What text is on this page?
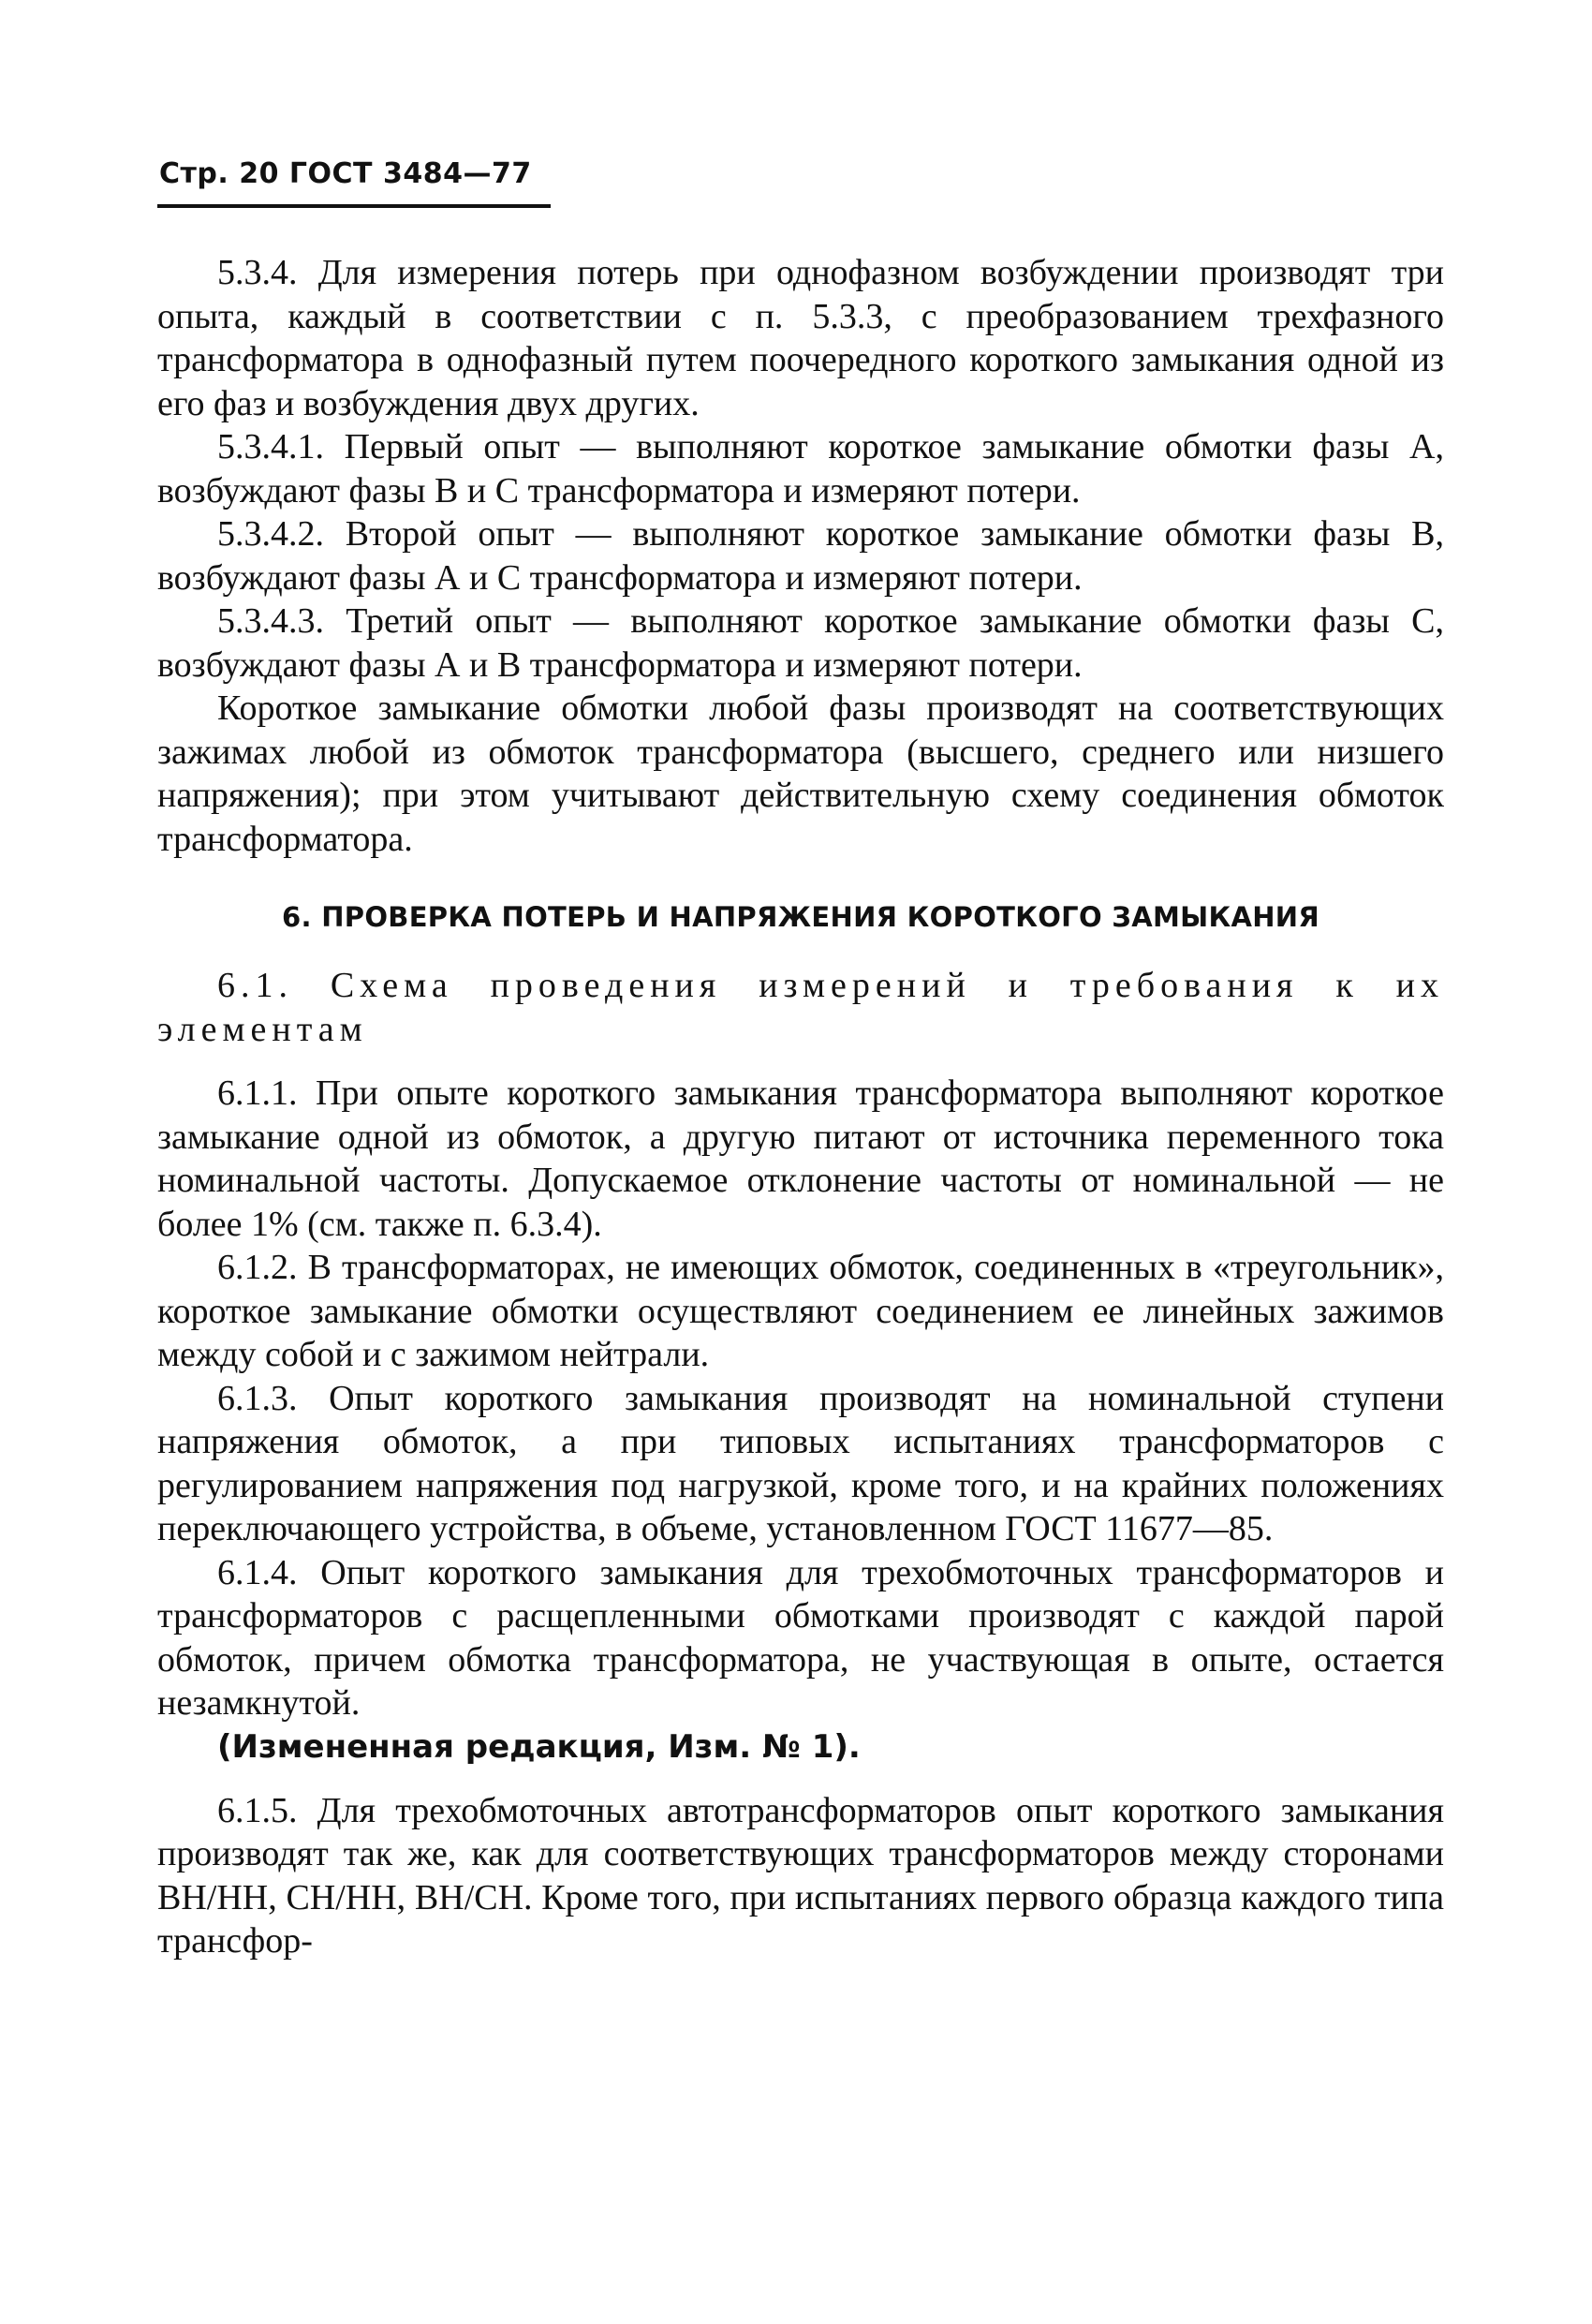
Стр. 20 ГОСТ 3484—77

5.3.4. Для измерения потерь при однофазном возбуждении производят три опыта, каждый в соответствии с п. 5.3.3, с преобразованием трехфазного трансформатора в однофазный путем поочередного короткого замыкания одной из его фаз и возбуждения двух других.

5.3.4.1. Первый опыт — выполняют короткое замыкание обмотки фазы А, возбуждают фазы В и С трансформатора и измеряют потери.

5.3.4.2. Второй опыт — выполняют короткое замыкание обмотки фазы В, возбуждают фазы А и С трансформатора и измеряют потери.

5.3.4.3. Третий опыт — выполняют короткое замыкание обмотки фазы С, возбуждают фазы А и В трансформатора и измеряют потери.

Короткое замыкание обмотки любой фазы производят на соответствующих зажимах любой из обмоток трансформатора (высшего, среднего или низшего напряжения); при этом учитывают действительную схему соединения обмоток трансформатора.

6. ПРОВЕРКА ПОТЕРЬ И НАПРЯЖЕНИЯ КОРОТКОГО ЗАМЫКАНИЯ

6.1. Схема проведения измерений и требования к их элементам

6.1.1. При опыте короткого замыкания трансформатора выполняют короткое замыкание одной из обмоток, а другую питают от источника переменного тока номинальной частоты. Допускаемое отклонение частоты от номинальной — не более 1% (см. также п. 6.3.4).

6.1.2. В трансформаторах, не имеющих обмоток, соединенных в «треугольник», короткое замыкание обмотки осуществляют соединением ее линейных зажимов между собой и с зажимом нейтрали.

6.1.3. Опыт короткого замыкания производят на номинальной ступени напряжения обмоток, а при типовых испытаниях трансформаторов с регулированием напряжения под нагрузкой, кроме того, и на крайних положениях переключающего устройства, в объеме, установленном ГОСТ 11677—85.

6.1.4. Опыт короткого замыкания для трехобмоточных трансформаторов и трансформаторов с расщепленными обмотками производят с каждой парой обмоток, причем обмотка трансформатора, не участвующая в опыте, остается незамкнутой.

(Измененная редакция, Изм. № 1).

6.1.5. Для трехобмоточных автотрансформаторов опыт короткого замыкания производят так же, как для соответствующих трансформаторов между сторонами ВН/НН, СН/НН, ВН/СН. Кроме того, при испытаниях первого образца каждого типа трансфор-
